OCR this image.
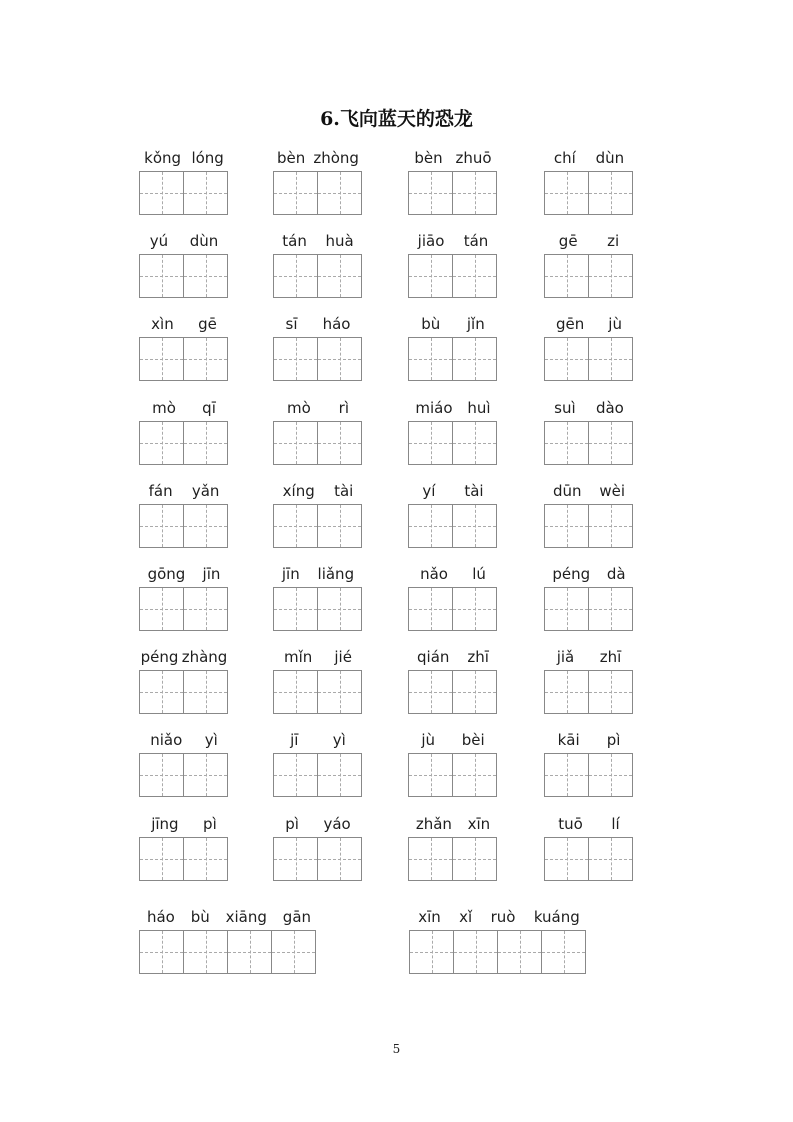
6.飞向蓝天的恐龙
kǒng lóng	bèn zhòng	bèn zhuō	chí dùn
yú dùn	tán huà	jiāo tán	gē zi
xìn gē	sī háo	bù jǐn	gēn jù
mò qī	mò rì	miáo huì	suì dào
fán yǎn	xíng tài	yí tài	dūn wèi
gōng jīn	jīn liǎng	nǎo lú	péng dà
péng zhàng	mǐn jié	qián zhī	jiǎ zhī
niǎo yì	jī yì	jù bèi	kāi pì
jīng pì	pì yáo	zhǎn xīn	tuō lí
háo bù xiāng gān	xīn xǐ ruò kuáng
5
